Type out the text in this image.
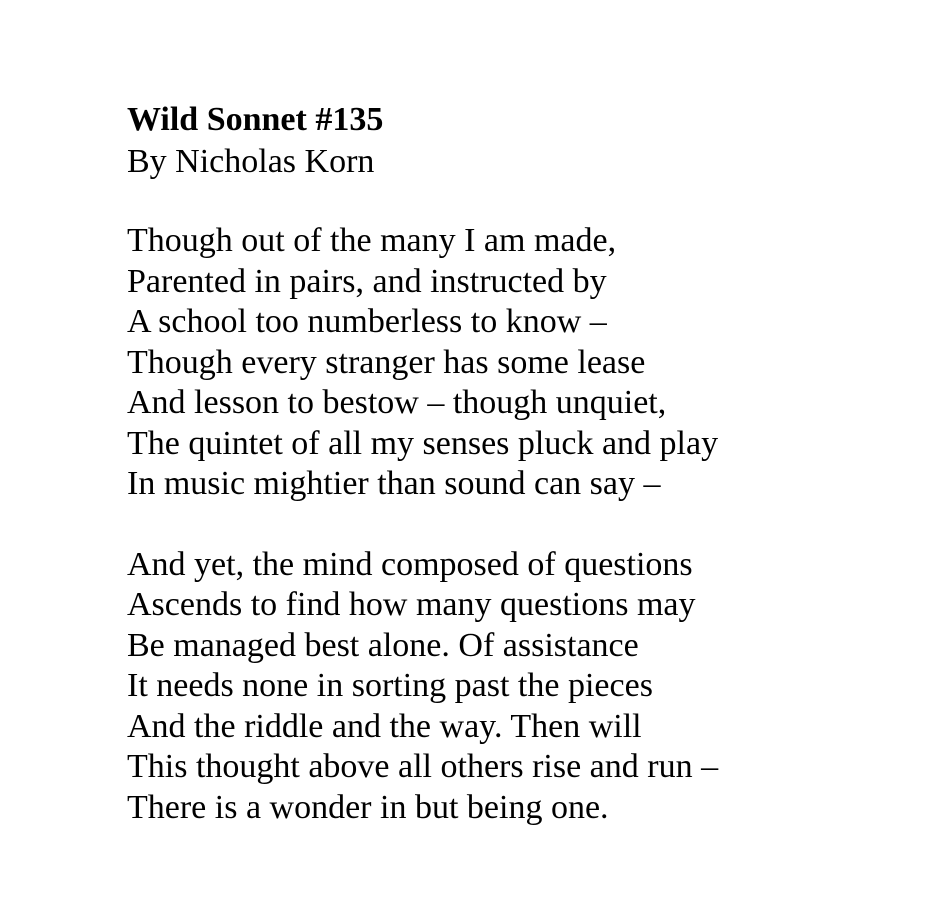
Wild Sonnet #135

By Nicholas Korn

Though out of the many I am made,
Parented in pairs, and instructed by
A school too numberless to know –
Though every stranger has some lease
And lesson to bestow – though unquiet,
The quintet of all my senses pluck and play
In music mightier than sound can say –
And yet, the mind composed of questions
Ascends to find how many questions may
Be managed best alone. Of assistance
It needs none in sorting past the pieces
And the riddle and the way. Then will
This thought above all others rise and run –
There is a wonder in but being one.
